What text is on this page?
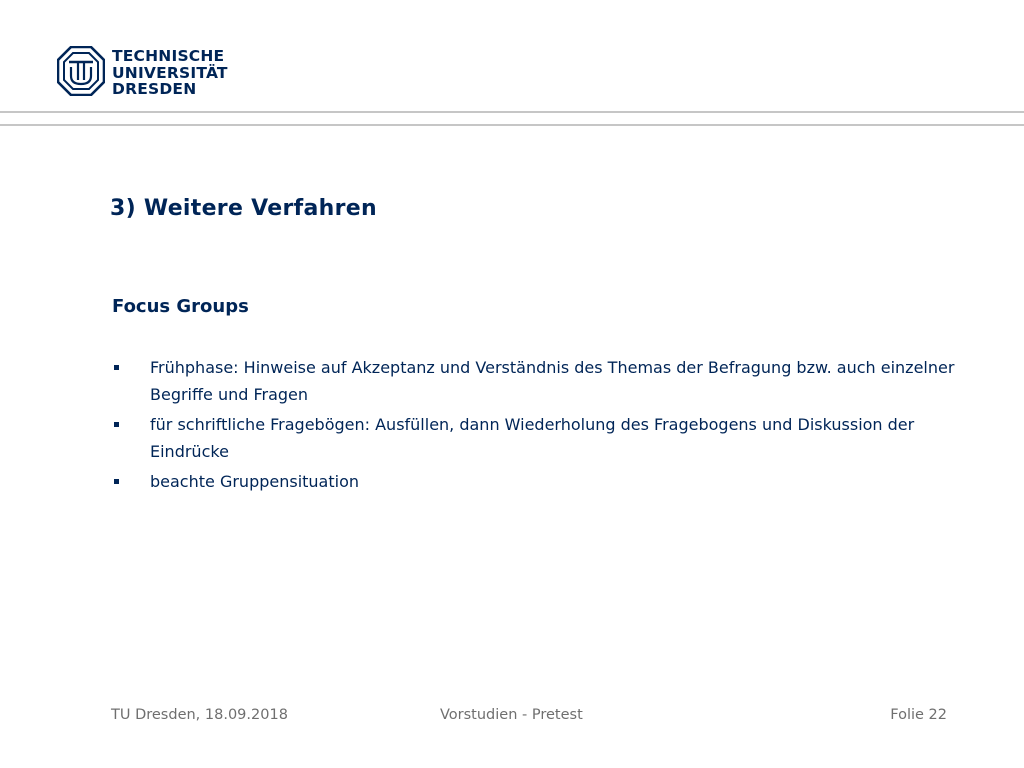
TECHNISCHE
UNIVERSITÄT
DRESDEN
3) Weitere Verfahren
Focus Groups
Frühphase: Hinweise auf Akzeptanz und Verständnis des Themas der Befragung bzw. auch einzelner Begriffe und Fragen
für schriftliche Fragebögen: Ausfüllen, dann Wiederholung des Fragebogens und Diskussion der Eindrücke
beachte Gruppensituation
TU Dresden, 18.09.2018	Vorstudien - Pretest	Folie 22
